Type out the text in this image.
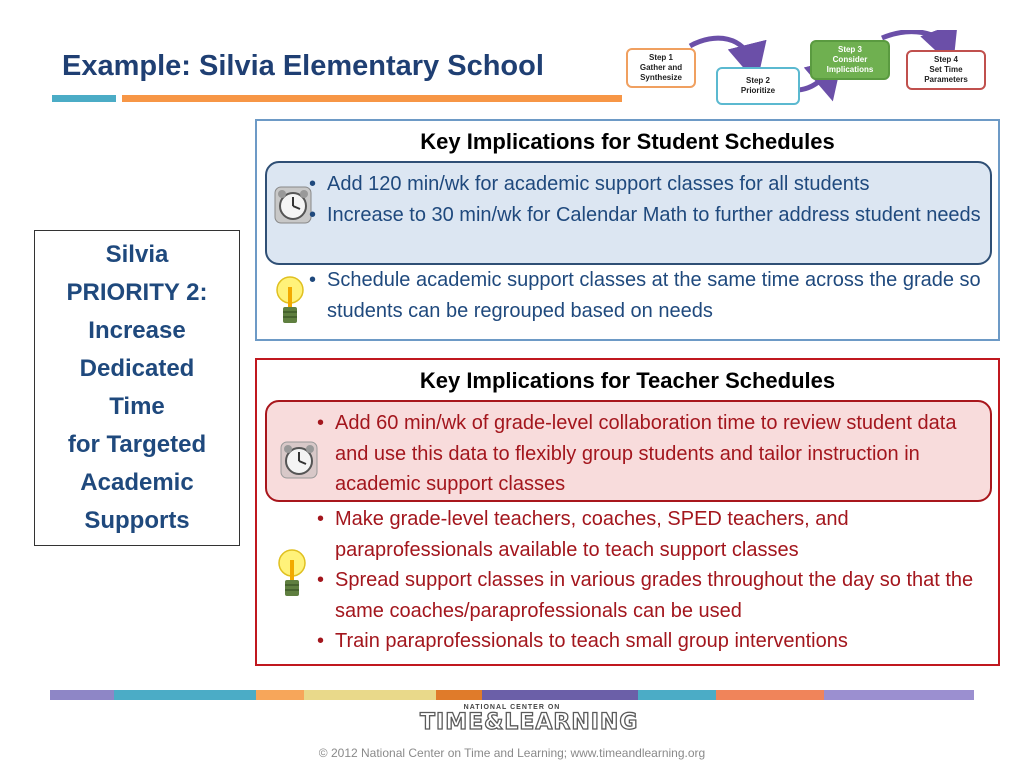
Example: Silvia Elementary School	Step 1
Gather and
Synthesize	Step 2
Prioritize
Step 3
Consider
Implications
Step 4
Set Time
Parameters
Silvia
PRIORITY 2:
Increase
Dedicated
Time
for Targeted
Academic
Supports
Key Implications for Student Schedules
• Add 120 min/wk for academic support classes for all students
• Increase to 30 min/wk for Calendar Math to further address student needs
• Schedule academic support classes at the same time across the grade so students can be regrouped based on needs
Key Implications for Teacher Schedules
• Add 60 min/wk of grade-level collaboration time to review student data and use this data to flexibly group students and tailor instruction in academic support classes
• Make grade-level teachers, coaches, SPED teachers, and paraprofessionals available to teach support classes
• Spread support classes in various grades throughout the day so that the same coaches/paraprofessionals can be used
• Train paraprofessionals to teach small group interventions
NATIONAL CENTER ON
TIME&LEARNING
© 2012 National Center on Time and Learning; www.timeandlearning.org
